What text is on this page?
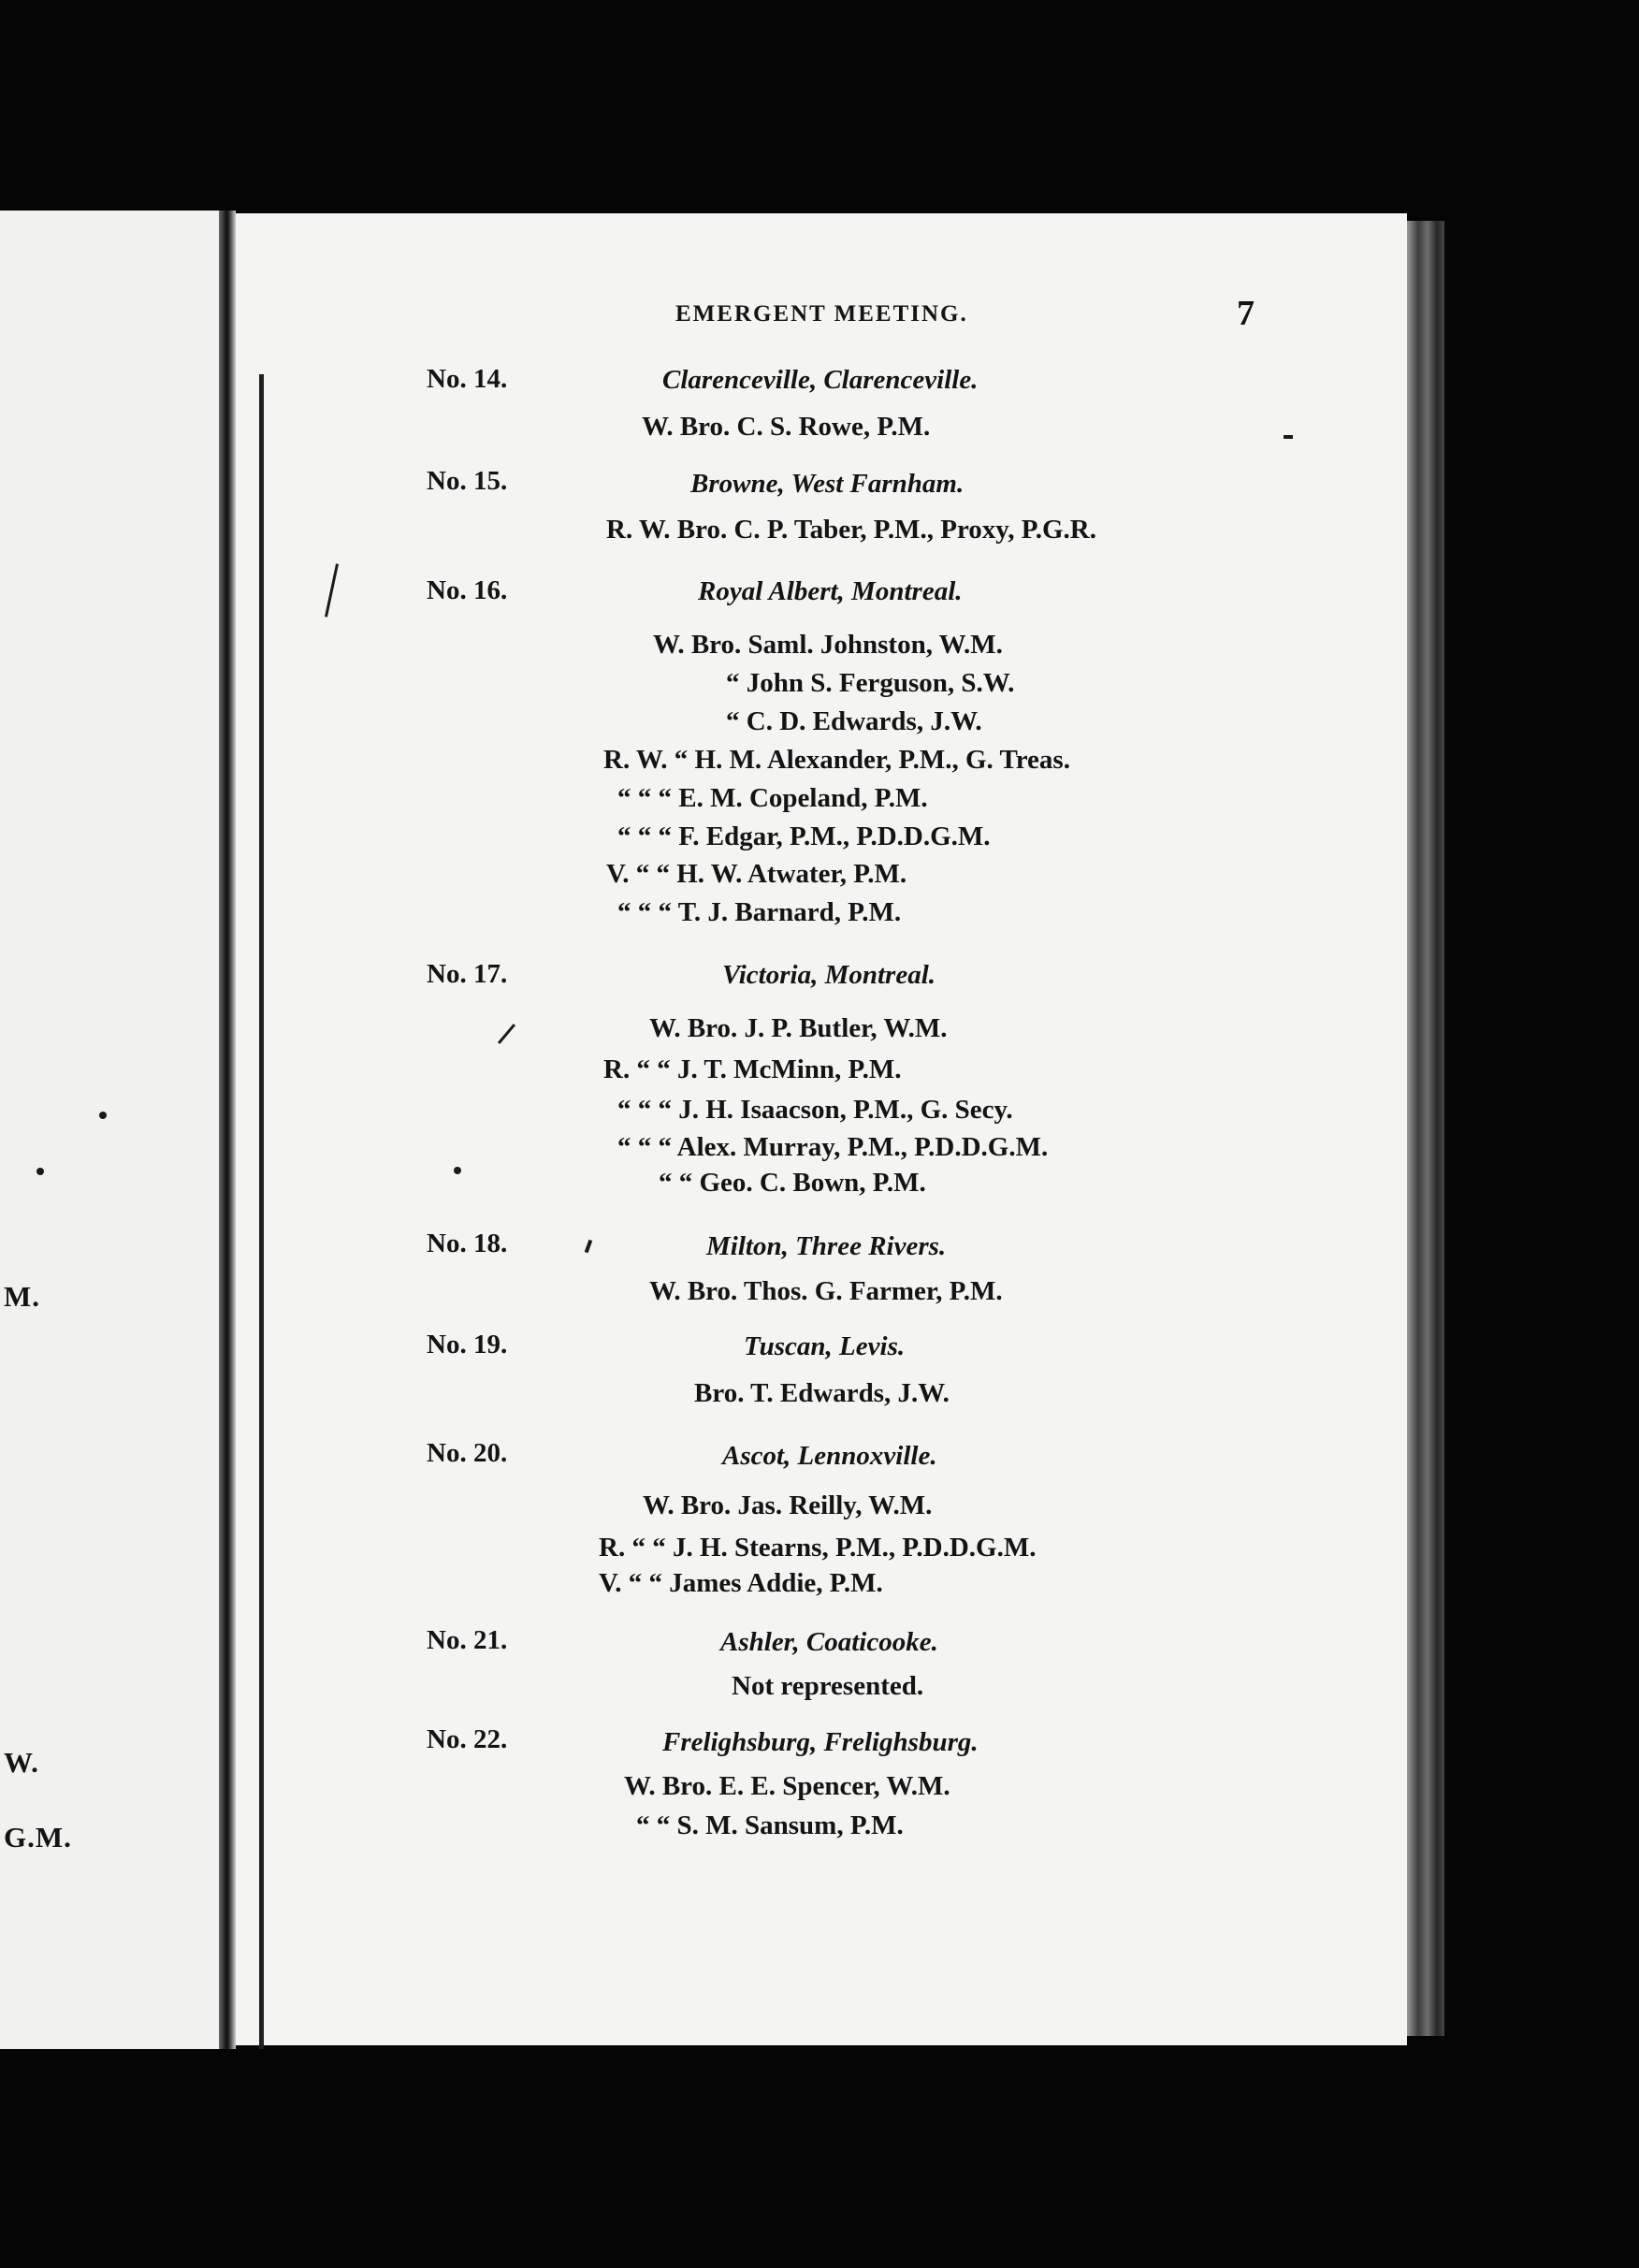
M.
W.
G.M.
EMERGENT MEETING.	7
No. 14.	Clarenceville, Clarenceville.
W. Bro. C. S. Rowe, P.M.
No. 15.	Browne, West Farnham.
R. W. Bro. C. P. Taber, P.M., Proxy, P.G.R.
No. 16.	Royal Albert, Montreal.
W. Bro. Saml. Johnston, W.M.
“ John S. Ferguson, S.W.
“ C. D. Edwards, J.W.
R. W. “ H. M. Alexander, P.M., G. Treas.
“ “ “ E. M. Copeland, P.M.
“ “ “ F. Edgar, P.M., P.D.D.G.M.
V. “ “ H. W. Atwater, P.M.
“ “ “ T. J. Barnard, P.M.
No. 17.	Victoria, Montreal.
W. Bro. J. P. Butler, W.M.
R. “ “ J. T. McMinn, P.M.
“ “ “ J. H. Isaacson, P.M., G. Secy.
“ “ “ Alex. Murray, P.M., P.D.D.G.M.
“ “ Geo. C. Bown, P.M.
No. 18.	Milton, Three Rivers.
W. Bro. Thos. G. Farmer, P.M.
No. 19.	Tuscan, Levis.
Bro. T. Edwards, J.W.
No. 20.	Ascot, Lennoxville.
W. Bro. Jas. Reilly, W.M.
R. “ “ J. H. Stearns, P.M., P.D.D.G.M.
V. “ “ James Addie, P.M.
No. 21.	Ashler, Coaticooke.
Not represented.
No. 22.	Frelighsburg, Frelighsburg.
W. Bro. E. E. Spencer, W.M.
“ “ S. M. Sansum, P.M.
